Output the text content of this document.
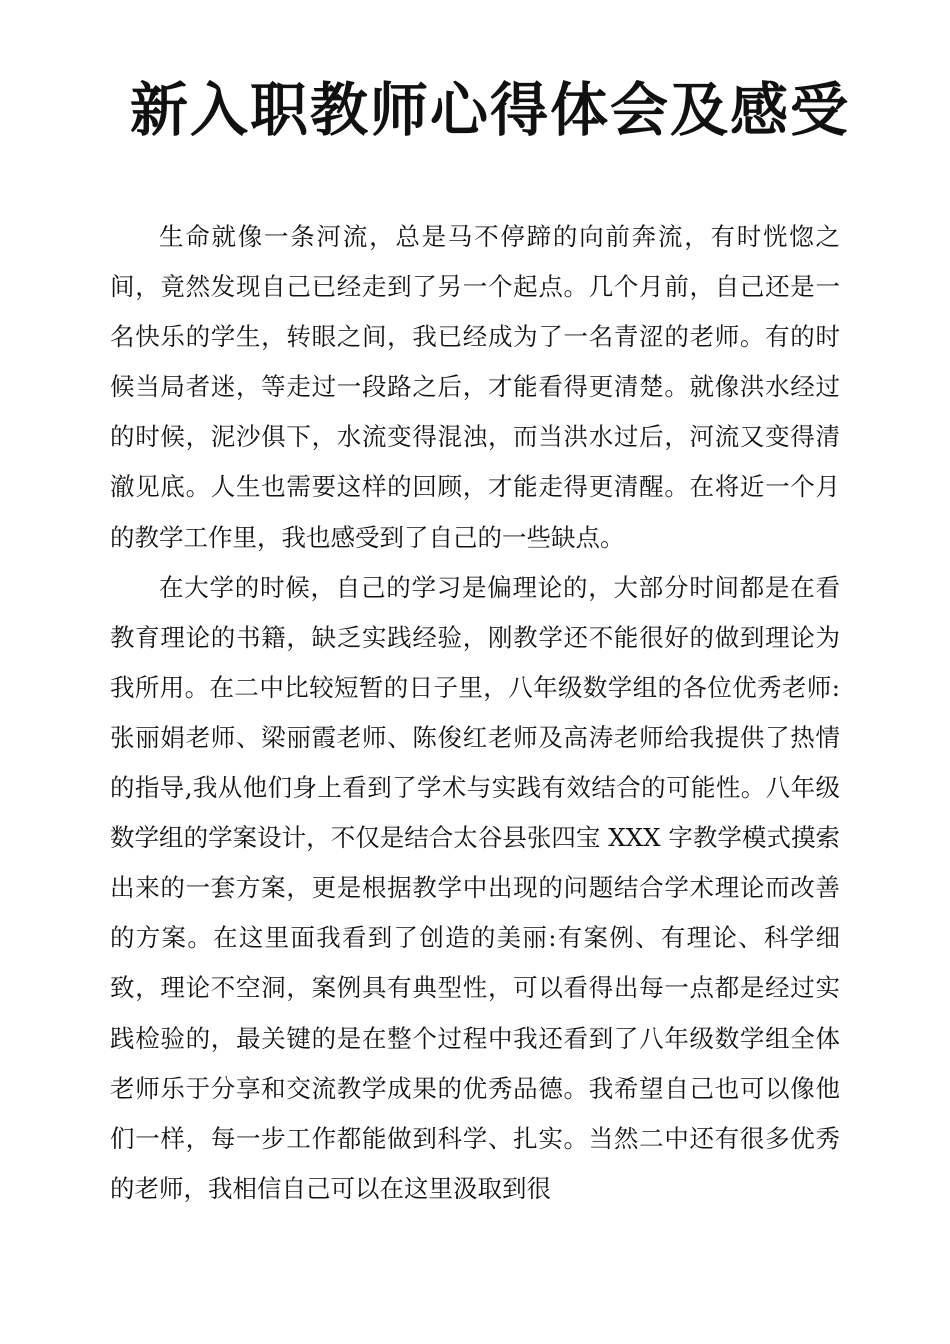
新入职教师心得体会及感受

生命就像一条河流，总是马不停蹄的向前奔流，有时恍惚之间，竟然发现自己已经走到了另一个起点。几个月前，自己还是一名快乐的学生，转眼之间，我已经成为了一名青涩的老师。有的时候当局者迷，等走过一段路之后，才能看得更清楚。就像洪水经过的时候，泥沙俱下，水流变得混浊，而当洪水过后，河流又变得清澈见底。人生也需要这样的回顾，才能走得更清醒。在将近一个月的教学工作里，我也感受到了自己的一些缺点。

在大学的时候，自己的学习是偏理论的，大部分时间都是在看教育理论的书籍，缺乏实践经验，刚教学还不能很好的做到理论为我所用。在二中比较短暂的日子里，八年级数学组的各位优秀老师:张丽娟老师、梁丽霞老师、陈俊红老师及高涛老师给我提供了热情的指导,我从他们身上看到了学术与实践有效结合的可能性。八年级数学组的学案设计，不仅是结合太谷县张四宝 XXX 字教学模式摸索出来的一套方案，更是根据教学中出现的问题结合学术理论而改善的方案。在这里面我看到了创造的美丽:有案例、有理论、科学细致，理论不空洞，案例具有典型性，可以看得出每一点都是经过实践检验的，最关键的是在整个过程中我还看到了八年级数学组全体老师乐于分享和交流教学成果的优秀品德。我希望自己也可以像他们一样，每一步工作都能做到科学、扎实。当然二中还有很多优秀的老师，我相信自己可以在这里汲取到很
